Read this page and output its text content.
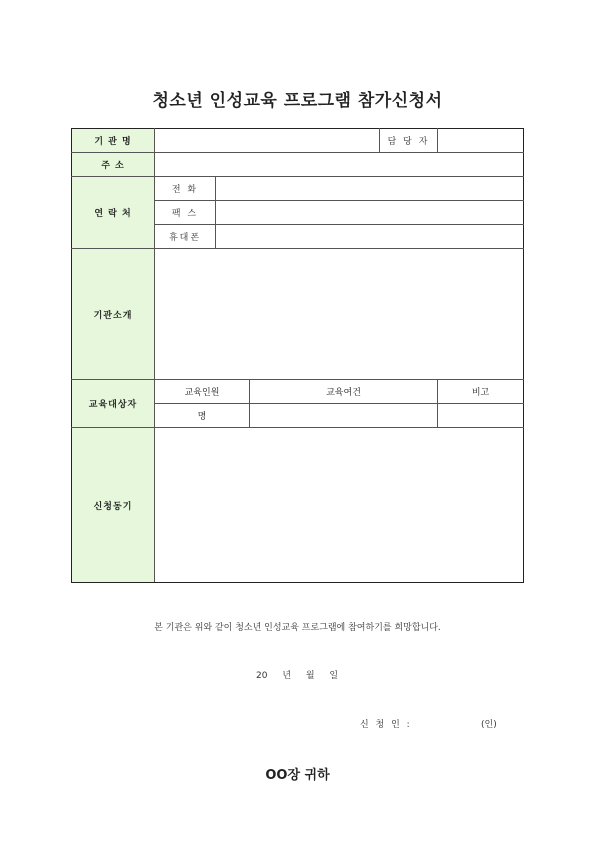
청소년 인성교육 프로그램 참가신청서
기 관 명				담 당 자	
주 소					
연 락 처	전 화				
	팩 스				
	휴대폰				
기관소개					
교육대상자	교육인원		교육여건		비고
	명				
신청동기					
본 기관은 위와 같이 청소년 인성교육 프로그램에 참여하기를 희망합니다.
20 년 월 일
신 청 인 :	(인)
OO장 귀하
